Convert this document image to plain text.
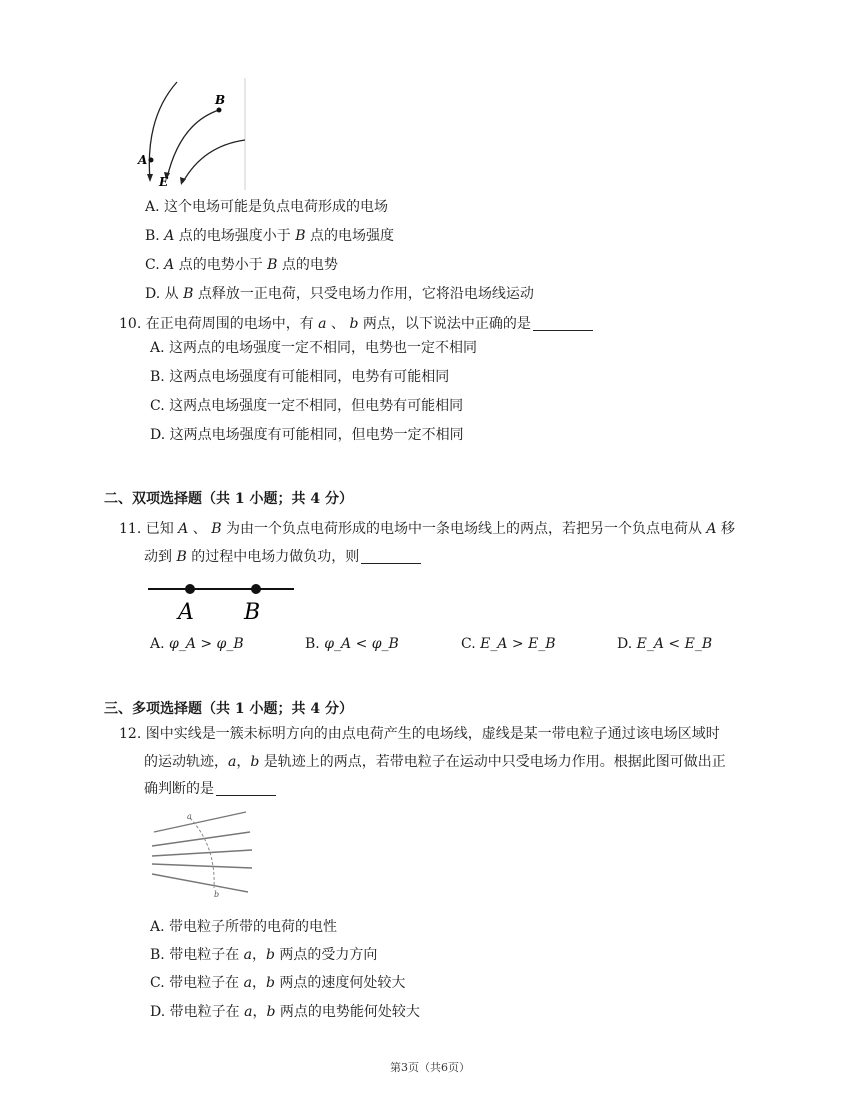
B
A
E
A. 这个电场可能是负点电荷形成的电场
B. A 点的电场强度小于 B 点的电场强度
C. A 点的电势小于 B 点的电势
D. 从 B 点释放一正电荷，只受电场力作用，它将沿电场线运动
10. 在正电荷周围的电场中，有 a 、 b 两点，以下说法中正确的是
A. 这两点的电场强度一定不相同，电势也一定不相同
B. 这两点电场强度有可能相同，电势有可能相同
C. 这两点电场强度一定不相同，但电势有可能相同
D. 这两点电场强度有可能相同，但电势一定不相同
二、双项选择题（共 1 小题；共 4 分）
11. 已知 A 、 B 为由一个负点电荷形成的电场中一条电场线上的两点，若把另一个负点电荷从 A 移
动到 B 的过程中电场力做负功，则
A B
A. φ_A > φ_B	B. φ_A < φ_B	C. E_A > E_B	D. E_A < E_B
三、多项选择题（共 1 小题；共 4 分）
12. 图中实线是一簇未标明方向的由点电荷产生的电场线，虚线是某一带电粒子通过该电场区域时
的运动轨迹，a，b 是轨迹上的两点，若带电粒子在运动中只受电场力作用。根据此图可做出正
确判断的是
a
b
A. 带电粒子所带的电荷的电性
B. 带电粒子在 a，b 两点的受力方向
C. 带电粒子在 a，b 两点的速度何处较大
D. 带电粒子在 a，b 两点的电势能何处较大
第3页（共6页）
